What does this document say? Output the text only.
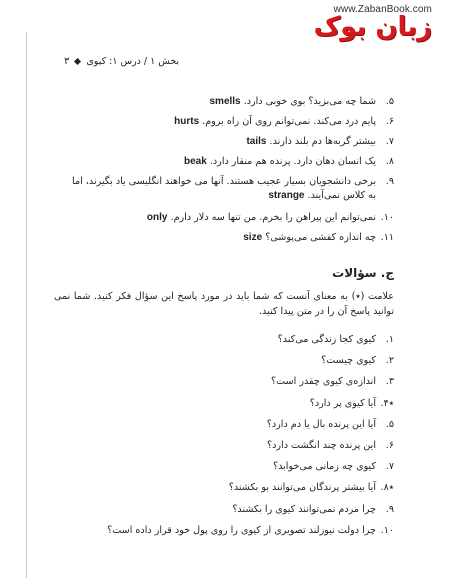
www.ZabanBook.com
زبان بوک
۳ بخش ۱ / درس ۱: کیوی
۵.
شما چه می‌بزید؟ بوی خوبی دارد. smells
۶.
پایم درد می‌کند. نمی‌توانم روی آن راه بروم. hurts
۷.
بیشتر گربه‌ها دم بلند دارند. tails
۸.
یک انسان دهان دارد. پرنده هم منقار دارد. beak
۹.
برخی دانشجویان بسیار عجیب هستند. آنها می خواهند انگلیسی یاد بگیرند، اما به کلاس نمی‌آیند. strange
۱۰.
نمی‌توانم این پیراهن را بخرم. من تنها سه دلار دارم. only
۱۱.
چه اندازه کفشی می‌پوشی؟ size
ج. سؤالات
علامت (٭) به معنای آنست که شما باید در مورد پاسخ این سؤال فکر کنید. شما نمی توانید پاسخ آن را در متن پیدا کنید.
۱.
کیوی کجا زندگی می‌کند؟
۲.
کیوی چیست؟
۳.
اندازه‌ی کیوی چقدر است؟
٭۴.
آیا کیوی پر دارد؟
۵.
آیا این پرنده بال یا دم دارد؟
۶.
این پرنده چند انگشت دارد؟
۷.
کیوی چه زمانی می‌خوابد؟
٭۸.
آیا بیشتر پرندگان می‌توانند بو بکشند؟
۹.
چرا مردم نمی‌توانند کیوی را بکشند؟
۱۰.
چرا دولت نیوزلند تصویری از کیوی را روی پول خود قرار داده است؟
